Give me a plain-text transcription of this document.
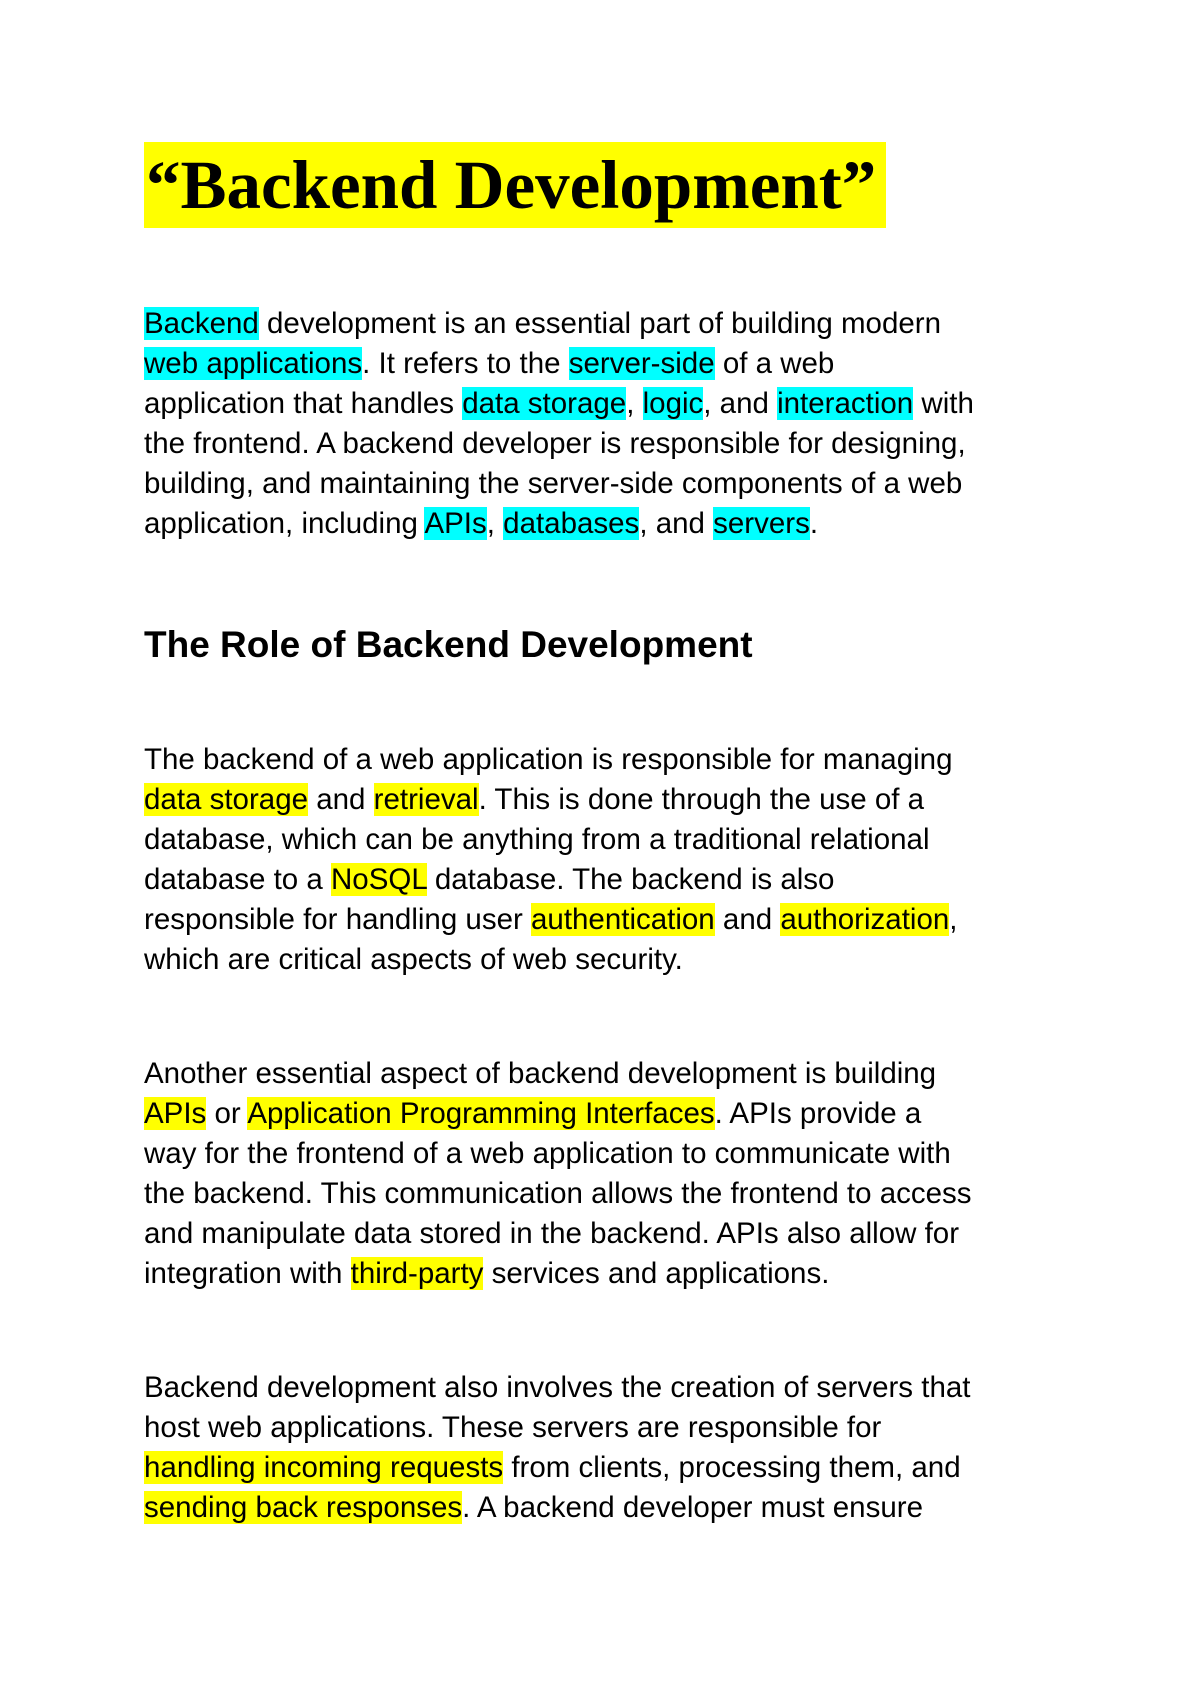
“Backend Development”
Backend development is an essential part of building modern
web applications. It refers to the server-side of a web
application that handles data storage, logic, and interaction with
the frontend. A backend developer is responsible for designing,
building, and maintaining the server-side components of a web
application, including APIs, databases, and servers.
The Role of Backend Development
The backend of a web application is responsible for managing
data storage and retrieval. This is done through the use of a
database, which can be anything from a traditional relational
database to a NoSQL database. The backend is also
responsible for handling user authentication and authorization,
which are critical aspects of web security.
Another essential aspect of backend development is building
APIs or Application Programming Interfaces. APIs provide a
way for the frontend of a web application to communicate with
the backend. This communication allows the frontend to access
and manipulate data stored in the backend. APIs also allow for
integration with third-party services and applications.
Backend development also involves the creation of servers that
host web applications. These servers are responsible for
handling incoming requests from clients, processing them, and
sending back responses. A backend developer must ensure
